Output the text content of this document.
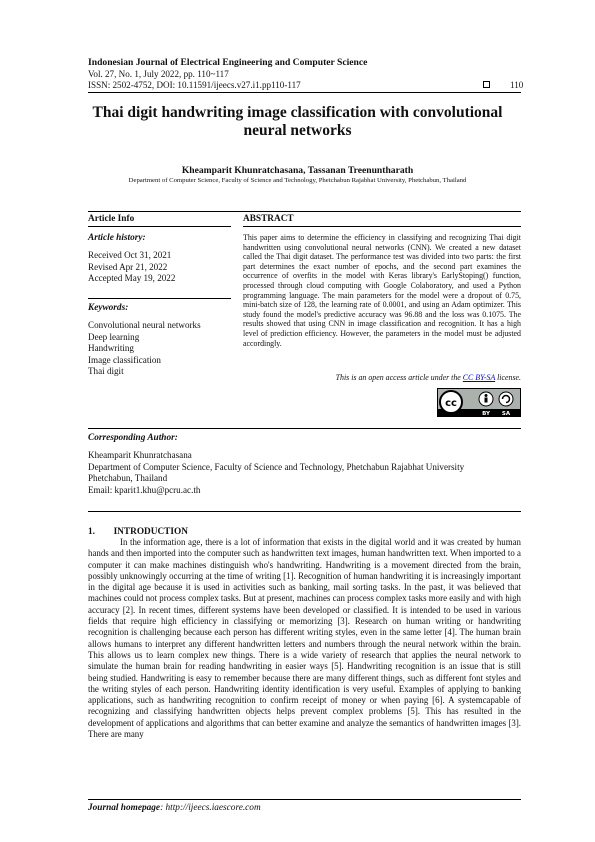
Indonesian Journal of Electrical Engineering and Computer Science
Vol. 27, No. 1, July 2022, pp. 110~117
ISSN: 2502-4752, DOI: 10.11591/ijeecs.v27.i1.pp110-117	110
Thai digit handwriting image classification with convolutional
neural networks
Kheamparit Khunratchasana, Tassanan Treenuntharath
Department of Computer Science, Faculty of Science and Technology, Phetchabun Rajabhat University, Phetchabun, Thailand
Article Info	ABSTRACT
Article history:
Received Oct 31, 2021
Revised Apr 21, 2022
Accepted May 19, 2022
Keywords:
Convolutional neural networks
Deep learning
Handwriting
Image classification
Thai digit
This paper aims to determine the efficiency in classifying and recognizing Thai digit handwritten using convolutional neural networks (CNN). We created a new dataset called the Thai digit dataset. The performance test was divided into two parts: the first part determines the exact number of epochs, and the second part examines the occurrence of overfits in the model with Keras library's EarlyStoping() function, processed through cloud computing with Google Colaboratory, and used a Python programming language. The main parameters for the model were a dropout of 0.75, mini-batch size of 128, the learning rate of 0.0001, and using an Adam optimizer. This study found the model's predictive accuracy was 96.88 and the loss was 0.1075. The results showed that using CNN in image classification and recognition. It has a high level of prediction efficiency. However, the parameters in the model must be adjusted accordingly.
This is an open access article under the CC BY-SA license.
cc
BY SA
Corresponding Author:
Kheamparit Khunratchasana
Department of Computer Science, Faculty of Science and Technology, Phetchabun Rajabhat University
Phetchabun, Thailand
Email: kparit1.khu@pcru.ac.th
1.        INTRODUCTION

In the information age, there is a lot of information that exists in the digital world and it was created by human hands and then imported into the computer such as handwritten text images, human handwritten text. When imported to a computer it can make machines distinguish who's handwriting. Handwriting is a movement directed from the brain, possibly unknowingly occurring at the time of writing [1]. Recognition of human handwriting it is increasingly important in the digital age because it is used in activities such as banking, mail sorting tasks. In the past, it was believed that machines could not process complex tasks. But at present, machines can process complex tasks more easily and with high accuracy [2]. In recent times, different systems have been developed or classified. It is intended to be used in various fields that require high efficiency in classifying or memorizing [3]. Research on human writing or handwriting recognition is challenging because each person has different writing styles, even in the same letter [4]. The human brain allows humans to interpret any different handwritten letters and numbers through the neural network within the brain. This allows us to learn complex new things. There is a wide variety of research that applies the neural network to simulate the human brain for reading handwriting in easier ways [5]. Handwriting recognition is an issue that is still being studied. Handwriting is easy to remember because there are many different things, such as different font styles and the writing styles of each person. Handwriting identity identification is very useful. Examples of applying to banking applications, such as handwriting recognition to confirm receipt of money or when paying [6]. A systemcapable of recognizing and classifying handwritten objects helps prevent complex problems [5]. This has resulted in the development of applications and algorithms that can better examine and analyze the semantics of handwritten images [3]. There are many

Journal homepage: http://ijeecs.iaescore.com
